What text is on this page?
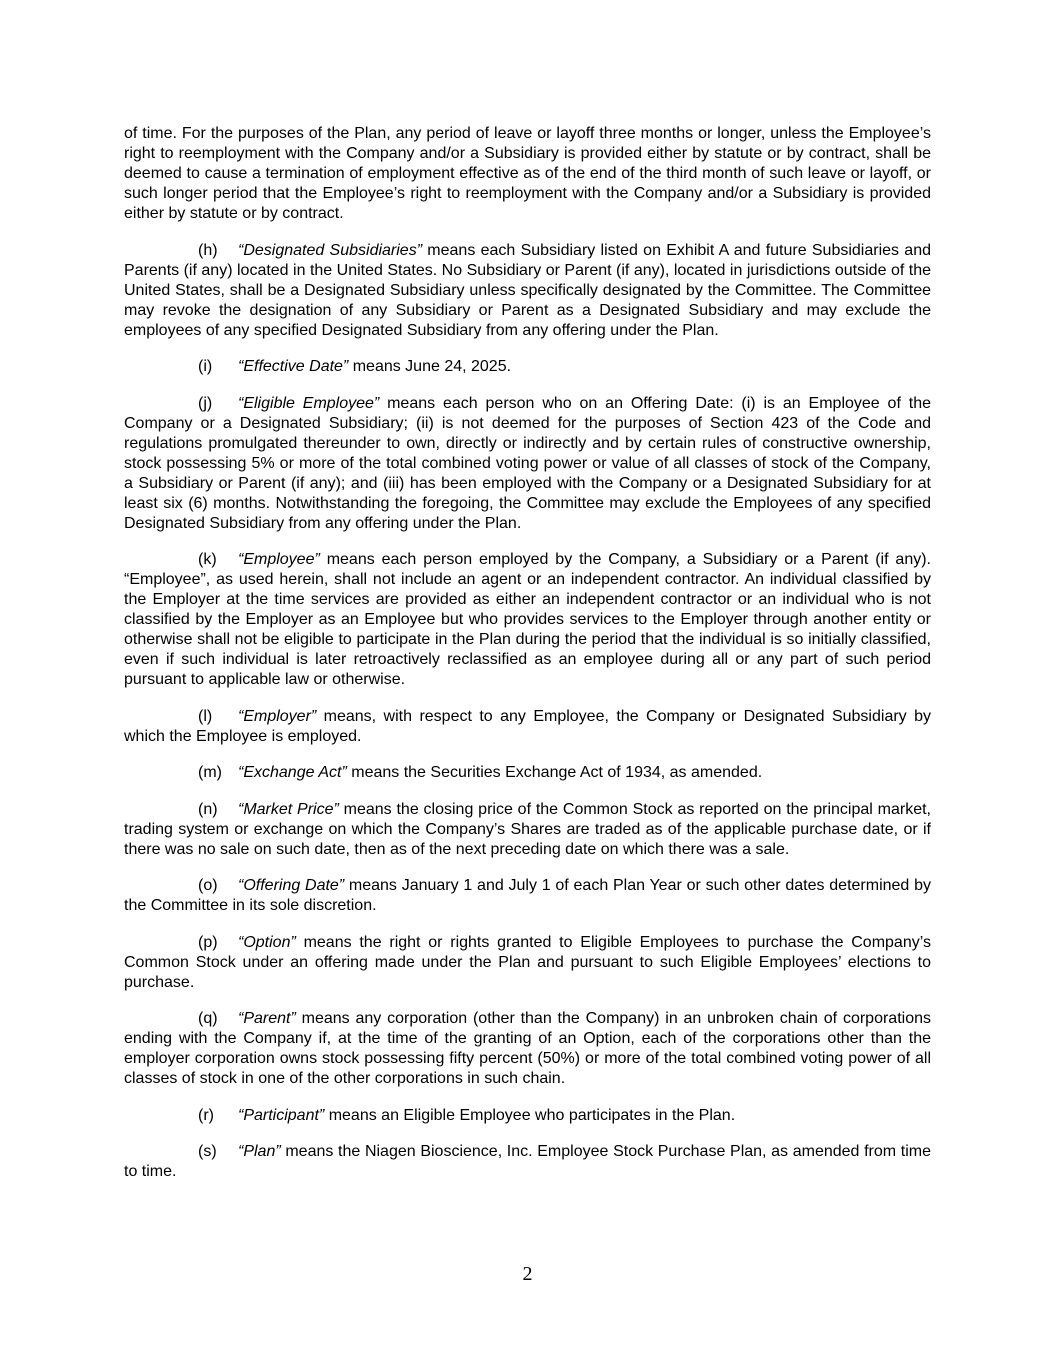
of time. For the purposes of the Plan, any period of leave or layoff three months or longer, unless the Employee’s right to reemployment with the Company and/or a Subsidiary is provided either by statute or by contract, shall be deemed to cause a termination of employment effective as of the end of the third month of such leave or layoff, or such longer period that the Employee’s right to reemployment with the Company and/or a Subsidiary is provided either by statute or by contract.

(h) “Designated Subsidiaries” means each Subsidiary listed on Exhibit A and future Subsidiaries and Parents (if any) located in the United States. No Subsidiary or Parent (if any), located in jurisdictions outside of the United States, shall be a Designated Subsidiary unless specifically designated by the Committee. The Committee may revoke the designation of any Subsidiary or Parent as a Designated Subsidiary and may exclude the employees of any specified Designated Subsidiary from any offering under the Plan.

(i) “Effective Date” means June 24, 2025.

(j) “Eligible Employee” means each person who on an Offering Date: (i) is an Employee of the Company or a Designated Subsidiary; (ii) is not deemed for the purposes of Section 423 of the Code and regulations promulgated thereunder to own, directly or indirectly and by certain rules of constructive ownership, stock possessing 5% or more of the total combined voting power or value of all classes of stock of the Company, a Subsidiary or Parent (if any); and (iii) has been employed with the Company or a Designated Subsidiary for at least six (6) months. Notwithstanding the foregoing, the Committee may exclude the Employees of any specified Designated Subsidiary from any offering under the Plan.

(k) “Employee” means each person employed by the Company, a Subsidiary or a Parent (if any). “Employee”, as used herein, shall not include an agent or an independent contractor. An individual classified by the Employer at the time services are provided as either an independent contractor or an individual who is not classified by the Employer as an Employee but who provides services to the Employer through another entity or otherwise shall not be eligible to participate in the Plan during the period that the individual is so initially classified, even if such individual is later retroactively reclassified as an employee during all or any part of such period pursuant to applicable law or otherwise.

(l) “Employer” means, with respect to any Employee, the Company or Designated Subsidiary by which the Employee is employed.

(m) “Exchange Act” means the Securities Exchange Act of 1934, as amended.

(n) “Market Price” means the closing price of the Common Stock as reported on the principal market, trading system or exchange on which the Company’s Shares are traded as of the applicable purchase date, or if there was no sale on such date, then as of the next preceding date on which there was a sale.

(o) “Offering Date” means January 1 and July 1 of each Plan Year or such other dates determined by the Committee in its sole discretion.

(p) “Option” means the right or rights granted to Eligible Employees to purchase the Company’s Common Stock under an offering made under the Plan and pursuant to such Eligible Employees’ elections to purchase.

(q) “Parent” means any corporation (other than the Company) in an unbroken chain of corporations ending with the Company if, at the time of the granting of an Option, each of the corporations other than the employer corporation owns stock possessing fifty percent (50%) or more of the total combined voting power of all classes of stock in one of the other corporations in such chain.

(r) “Participant” means an Eligible Employee who participates in the Plan.

(s) “Plan” means the Niagen Bioscience, Inc. Employee Stock Purchase Plan, as amended from time to time.

2
